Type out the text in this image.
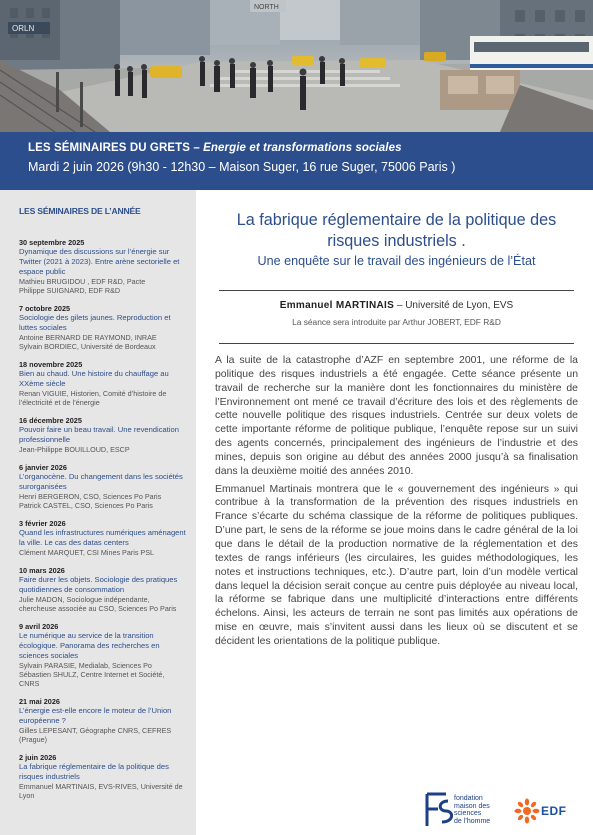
ORLN
NORTH
LES SÉMINAIRES DU GRETS – Energie et transformations sociales
Mardi 2 juin 2026 (9h30 - 12h30 – Maison Suger, 16 rue Suger, 75006 Paris )
LES SÉMINAIRES DE L’ANNÉE
30 septembre 2025
Dynamique des discussions sur l’énergie sur Twitter (2021 à 2023). Entre arène sectorielle et espace public
Mathieu BRUGIDOU , EDF R&D, Pacte
Philippe SUIGNARD, EDF R&D
7 octobre 2025
Sociologie des gilets jaunes. Reproduction et luttes sociales
Antoine BERNARD DE RAYMOND, INRAE
Sylvain BORDIEC, Université de Bordeaux
18 novembre 2025
Bien au chaud. Une histoire du chauffage au XXème siècle
Renan VIGUIE, Historien, Comité d’histoire de l’électricité et de l’énergie
16 décembre 2025
Pouvoir faire un beau travail. Une revendication professionnelle
Jean-Philippe BOUILLOUD, ESCP
6 janvier 2026
L’organocène. Du changement dans les sociétés surorganisées
Henri BERGERON, CSO, Sciences Po Paris
Patrick CASTEL, CSO, Sciences Po Paris
3 février 2026
Quand les infrastructures numériques aménagent la ville. Le cas des datas centers
Clément MARQUET, CSI Mines Paris PSL
10 mars 2026
Faire durer les objets. Sociologie des pratiques quotidiennes de consommation
Julie MADON, Sociologue indépendante, chercheuse associée au CSO, Sciences Po Paris
9 avril 2026
Le numérique au service de la transition écologique. Panorama des recherches en sciences sociales
Sylvain PARASIE, Medialab, Sciences Po
Sébastien SHULZ, Centre Internet et Société, CNRS
21 mai 2026
L’énergie est-elle encore le moteur de l’Union européenne ?
Gilles LEPESANT, Géographe CNRS, CEFRES (Prague)
2 juin 2026
La fabrique réglementaire de la politique des risques industriels
Emmanuel MARTINAIS, EVS-RIVES, Université de Lyon
La fabrique réglementaire de la politique des risques industriels .
Une enquête sur le travail des ingénieurs de l’État
Emmanuel MARTINAIS – Université de Lyon, EVS
La séance sera introduite par Arthur JOBERT, EDF R&D

A la suite de la catastrophe d’AZF en septembre 2001, une réforme de la politique des risques industriels a été engagée. Cette séance présente un travail de recherche sur la manière dont les fonctionnaires du ministère de l’Environnement ont mené ce travail d’écriture des lois et des règlements de cette nouvelle politique des risques industriels. Centrée sur deux volets de cette importante réforme de politique publique, l’enquête repose sur un suivi des agents concernés, principalement des ingénieurs de l’industrie et des mines, depuis son origine au début des années 2000 jusqu’à sa finalisation dans la deuxième moitié des années 2010.

Emmanuel Martinais montrera que le « gouvernement des ingénieurs » qui contribue à la transformation de la prévention des risques industriels en France s’écarte du schéma classique de la réforme de politiques publiques. D’une part, le sens de la réforme se joue moins dans le cadre général de la loi que dans le détail de la production normative de la réglementation et des textes de rangs inférieurs (les circulaires, les guides méthodologiques, les notes et instructions techniques, etc.). D’autre part, loin d’un modèle vertical dans lequel la décision serait conçue au centre puis déployée au niveau local, la réforme se fabrique dans une multiplicité d’interactions entre différents échelons. Ainsi, les acteurs de terrain ne sont pas limités aux opérations de mise en œuvre, mais s’invitent aussi dans les lieux où se discutent et se décident les orientations de la politique publique.

fondation
maison des
sciences
de l’homme
EDF
